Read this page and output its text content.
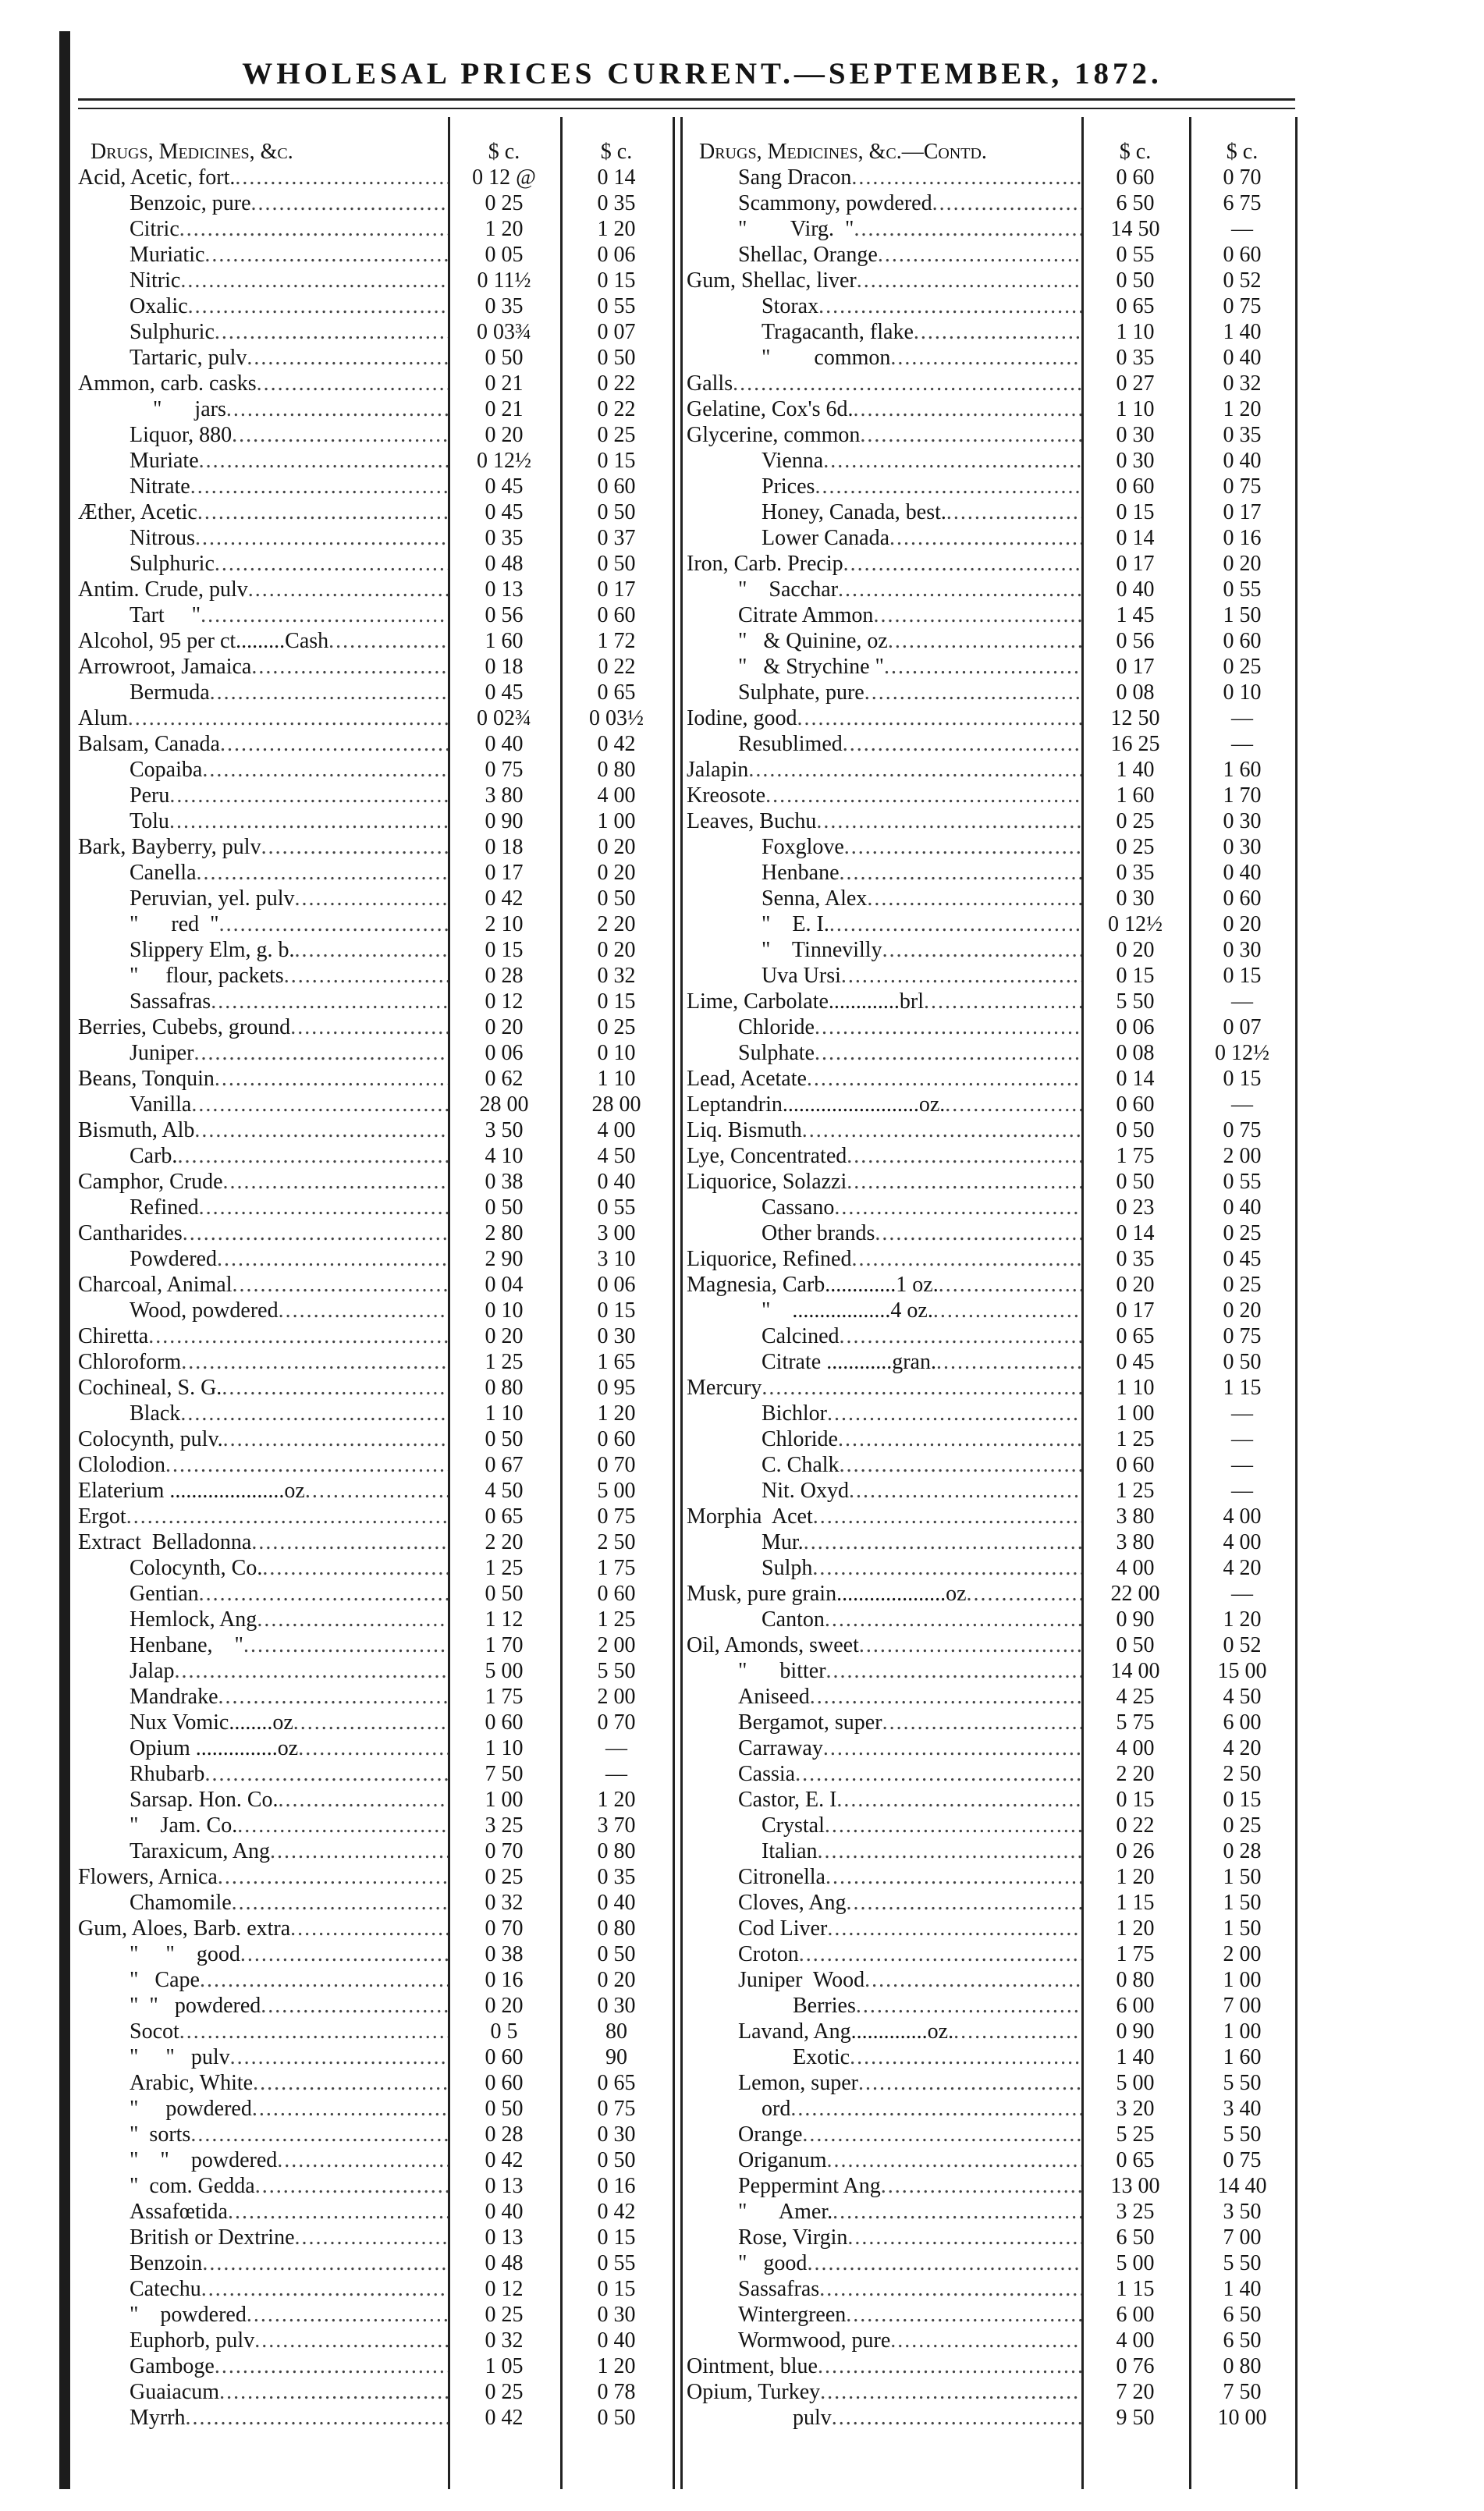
WHOLESAL PRICES CURRENT.—SEPTEMBER, 1872.
Drugs, Medicines, &c.	$ c.	$ c.
Acid, Acetic, fort. .....	0 12 @	0 14
Benzoic, pure .....	0 25	0 35
Citric .....	1 20	1 20
Muriatic .....	0 05	0 06
Nitric .....	0 11½	0 15
Oxalic .....	0 35	0 55
Sulphuric .....	0 03¾	0 07
Tartaric, pulv .....	0 50	0 50
Ammon, carb. casks .....	0 21	0 22
"      jars .....	0 21	0 22
Liquor, 880 .....	0 20	0 25
Muriate .....	0 12½	0 15
Nitrate .....	0 45	0 60
Æther, Acetic .....	0 45	0 50
Nitrous .....	0 35	0 37
Sulphuric .....	0 48	0 50
Antim. Crude, pulv .....	0 13	0 17
Tart     " .....	0 56	0 60
Alcohol, 95 per ct.........Cash .....	1 60	1 72
Arrowroot, Jamaica .....	0 18	0 22
Bermuda .....	0 45	0 65
Alum .....	0 02¾	0 03½
Balsam, Canada .....	0 40	0 42
Copaiba .....	0 75	0 80
Peru .....	3 80	4 00
Tolu .....	0 90	1 00
Bark, Bayberry, pulv .....	0 18	0 20
Canella .....	0 17	0 20
Peruvian, yel. pulv .....	0 42	0 50
"      red  " .....	2 10	2 20
Slippery Elm, g. b. .....	0 15	0 20
"     flour, packets .....	0 28	0 32
Sassafras .....	0 12	0 15
Berries, Cubebs, ground .....	0 20	0 25
Juniper .....	0 06	0 10
Beans, Tonquin .....	0 62	1 10
Vanilla .....	28 00	28 00
Bismuth, Alb .....	3 50	4 00
Carb. .....	4 10	4 50
Camphor, Crude .....	0 38	0 40
Refined .....	0 50	0 55
Cantharides .....	2 80	3 00
Powdered .....	2 90	3 10
Charcoal, Animal .....	0 04	0 06
Wood, powdered .....	0 10	0 15
Chiretta .....	0 20	0 30
Chloroform .....	1 25	1 65
Cochineal, S. G. .....	0 80	0 95
Black .....	1 10	1 20
Colocynth, pulv. .....	0 50	0 60
Clolodion .....	0 67	0 70
Elaterium .....................oz .....	4 50	5 00
Ergot .....	0 65	0 75
Extract  Belladonna .....	2 20	2 50
Colocynth, Co. .....	1 25	1 75
Gentian .....	0 50	0 60
Hemlock, Ang .....	1 12	1 25
Henbane,    " .....	1 70	2 00
Jalap .....	5 00	5 50
Mandrake .....	1 75	2 00
Nux Vomic........oz .....	0 60	0 70
Opium ...............oz .....	1 10	—
Rhubarb .....	7 50	—
Sarsap. Hon. Co. .....	1 00	1 20
"    Jam. Co. .....	3 25	3 70
Taraxicum, Ang .....	0 70	0 80
Flowers, Arnica .....	0 25	0 35
Chamomile .....	0 32	0 40
Gum, Aloes, Barb. extra .....	0 70	0 80
"     "    good .....	0 38	0 50
"   Cape .....	0 16	0 20
"  "   powdered .....	0 20	0 30
Socot .....	0 5	80
"     "   pulv .....	0 60	90
Arabic, White .....	0 60	0 65
"     powdered .....	0 50	0 75
"  sorts .....	0 28	0 30
"    "    powdered .....	0 42	0 50
"  com. Gedda .....	0 13	0 16
Assafœtida .....	0 40	0 42
British or Dextrine .....	0 13	0 15
Benzoin .....	0 48	0 55
Catechu .....	0 12	0 15
"    powdered .....	0 25	0 30
Euphorb, pulv .....	0 32	0 40
Gamboge .....	1 05	1 20
Guaiacum .....	0 25	0 78
Myrrh .....	0 42	0 50
Drugs, Medicines, &c.—Contd.	$ c.	$ c.
Sang Dracon .....	0 60	0 70
Scammony, powdered .....	6 50	6 75
"        Virg.  " .....	14 50	—
Shellac, Orange .....	0 55	0 60
Gum, Shellac, liver .....	0 50	0 52
Storax .....	0 65	0 75
Tragacanth, flake .....	1 10	1 40
"        common .....	0 35	0 40
Galls .....	0 27	0 32
Gelatine, Cox's 6d. .....	1 10	1 20
Glycerine, common .....	0 30	0 35
Vienna .....	0 30	0 40
Prices .....	0 60	0 75
Honey, Canada, best. .....	0 15	0 17
Lower Canada .....	0 14	0 16
Iron, Carb. Precip .....	0 17	0 20
"    Sacchar .....	0 40	0 55
Citrate Ammon .....	1 45	1 50
"   & Quinine, oz .....	0 56	0 60
"   & Strychine " .....	0 17	0 25
Sulphate, pure .....	0 08	0 10
Iodine, good .....	12 50	—
Resublimed .....	16 25	—
Jalapin .....	1 40	1 60
Kreosote .....	1 60	1 70
Leaves, Buchu .....	0 25	0 30
Foxglove .....	0 25	0 30
Henbane .....	0 35	0 40
Senna, Alex .....	0 30	0 60
"    E. I. .....	0 12½	0 20
"    Tinnevilly .....	0 20	0 30
Uva Ursi .....	0 15	0 15
Lime, Carbolate.............brl .....	5 50	—
Chloride .....	0 06	0 07
Sulphate .....	0 08	0 12½
Lead, Acetate .....	0 14	0 15
Leptandrin.........................oz. .....	0 60	—
Liq. Bismuth .....	0 50	0 75
Lye, Concentrated .....	1 75	2 00
Liquorice, Solazzi .....	0 50	0 55
Cassano .....	0 23	0 40
Other brands .....	0 14	0 25
Liquorice, Refined .....	0 35	0 45
Magnesia, Carb.............1 oz. .....	0 20	0 25
"    ..................4 oz. .....	0 17	0 20
Calcined .....	0 65	0 75
Citrate ............gran. .....	0 45	0 50
Mercury .....	1 10	1 15
Bichlor .....	1 00	—
Chloride .....	1 25	—
C. Chalk .....	0 60	—
Nit. Oxyd .....	1 25	—
Morphia  Acet .....	3 80	4 00
Mur. .....	3 80	4 00
Sulph .....	4 00	4 20
Musk, pure grain....................oz .....	22 00	—
Canton .....	0 90	1 20
Oil, Amonds, sweet .....	0 50	0 52
"      bitter .....	14 00	15 00
Aniseed .....	4 25	4 50
Bergamot, super .....	5 75	6 00
Carraway .....	4 00	4 20
Cassia .....	2 20	2 50
Castor, E. I .....	0 15	0 15
Crystal .....	0 22	0 25
Italian .....	0 26	0 28
Citronella .....	1 20	1 50
Cloves, Ang .....	1 15	1 50
Cod Liver .....	1 20	1 50
Croton .....	1 75	2 00
Juniper  Wood .....	0 80	1 00
Berries .....	6 00	7 00
Lavand, Ang..............oz. .....	0 90	1 00
Exotic .....	1 40	1 60
Lemon, super .....	5 00	5 50
ord .....	3 20	3 40
Orange .....	5 25	5 50
Origanum .....	0 65	0 75
Peppermint Ang .....	13 00	14 40
"      Amer. .....	3 25	3 50
Rose, Virgin .....	6 50	7 00
"   good .....	5 00	5 50
Sassafras .....	1 15	1 40
Wintergreen .....	6 00	6 50
Wormwood, pure .....	4 00	6 50
Ointment, blue .....	0 76	0 80
Opium, Turkey .....	7 20	7 50
pulv .....	9 50	10 00
